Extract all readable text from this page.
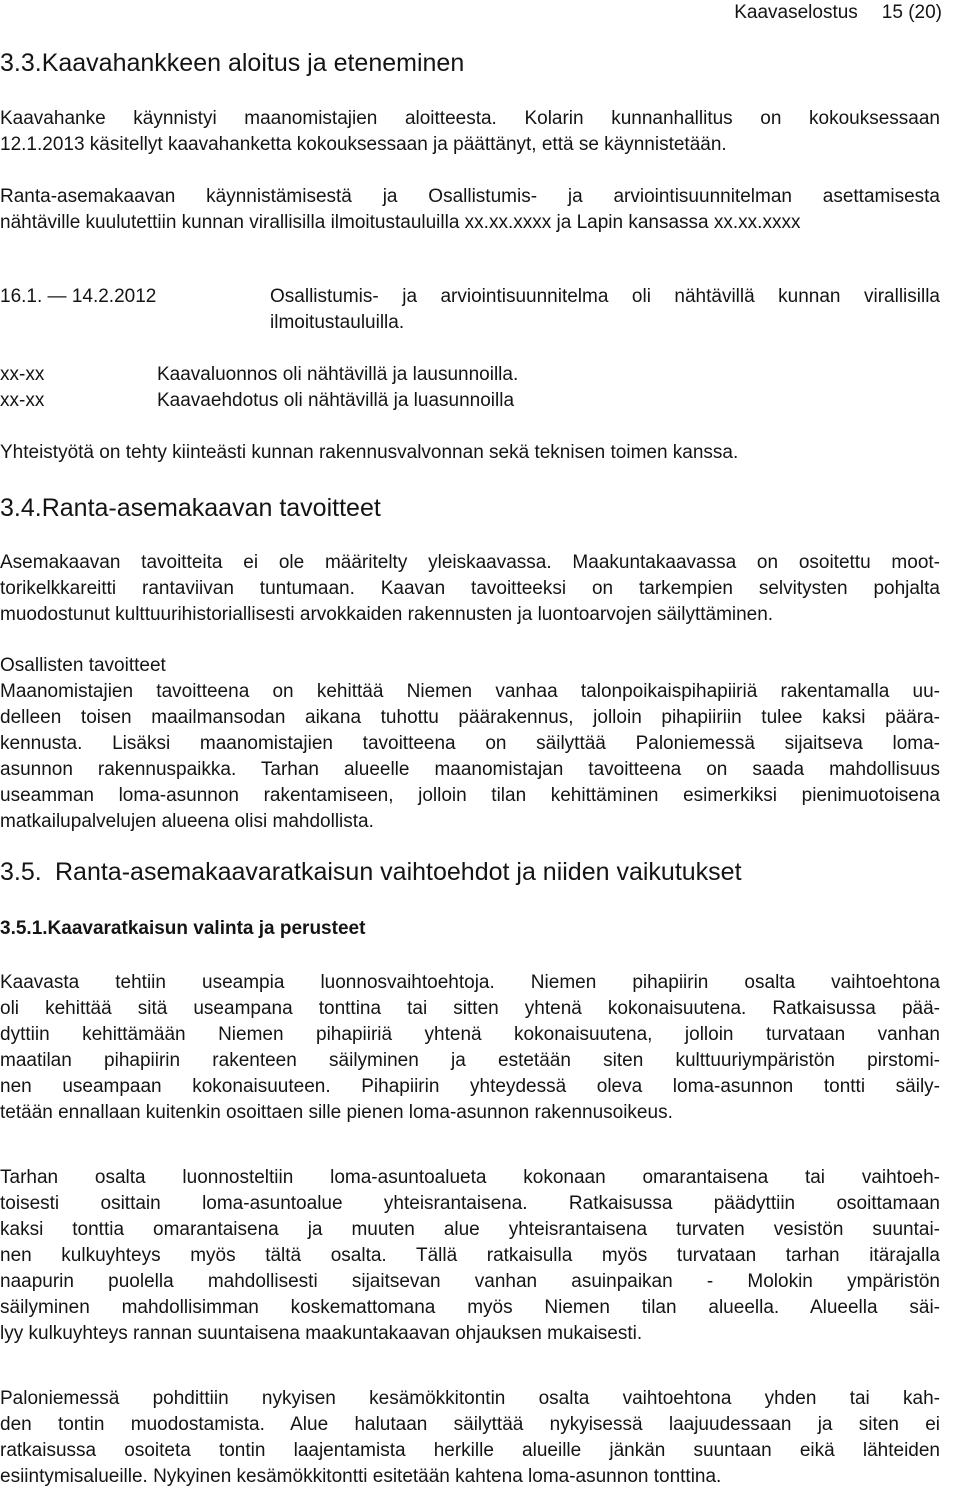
Kaavaselostus 15 (20)
3.3.Kaavahankkeen aloitus ja eteneminen
Kaavahanke käynnistyi maanomistajien aloitteesta. Kolarin kunnanhallitus on kokouksessaan
12.1.2013 käsitellyt kaavahanketta kokouksessaan ja päättänyt, että se käynnistetään.
Ranta-asemakaavan käynnistämisestä ja Osallistumis- ja arviointisuunnitelman asettamisesta
nähtäville kuulutettiin kunnan virallisilla ilmoitustauluilla xx.xx.xxxx ja Lapin kansassa xx.xx.xxxx
16.1. — 14.2.2012	Osallistumis- ja arviointisuunnitelma oli nähtävillä kunnan virallisilla
ilmoitustauluilla.
xx-xx	Kaavaluonnos oli nähtävillä ja lausunnoilla.
xx-xx	Kaavaehdotus oli nähtävillä ja luasunnoilla
Yhteistyötä on tehty kiinteästi kunnan rakennusvalvonnan sekä teknisen toimen kanssa.
3.4.Ranta-asemakaavan tavoitteet
Asemakaavan tavoitteita ei ole määritelty yleiskaavassa. Maakuntakaavassa on osoitettu moot-
torikelkkareitti rantaviivan tuntumaan. Kaavan tavoitteeksi on tarkempien selvitysten pohjalta
muodostunut kulttuurihistoriallisesti arvokkaiden rakennusten ja luontoarvojen säilyttäminen.
Osallisten tavoitteet
Maanomistajien tavoitteena on kehittää Niemen vanhaa talonpoikaispihapiiriä rakentamalla uu-
delleen toisen maailmansodan aikana tuhottu päärakennus, jolloin pihapiiriin tulee kaksi päära-
kennusta. Lisäksi maanomistajien tavoitteena on säilyttää Paloniemessä sijaitseva loma-
asunnon rakennuspaikka. Tarhan alueelle maanomistajan tavoitteena on saada mahdollisuus
useamman loma-asunnon rakentamiseen, jolloin tilan kehittäminen esimerkiksi pienimuotoisena
matkailupalvelujen alueena olisi mahdollista.
3.5. Ranta-asemakaavaratkaisun vaihtoehdot ja niiden vaikutukset
3.5.1.Kaavaratkaisun valinta ja perusteet
Kaavasta tehtiin useampia luonnosvaihtoehtoja. Niemen pihapiirin osalta vaihtoehtona
oli kehittää sitä useampana tonttina tai sitten yhtenä kokonaisuutena. Ratkaisussa pää-
dyttiin kehittämään Niemen pihapiiriä yhtenä kokonaisuutena, jolloin turvataan vanhan
maatilan pihapiirin rakenteen säilyminen ja estetään siten kulttuuriympäristön pirstomi-
nen useampaan kokonaisuuteen. Pihapiirin yhteydessä oleva loma-asunnon tontti säily-
tetään ennallaan kuitenkin osoittaen sille pienen loma-asunnon rakennusoikeus.
Tarhan osalta luonnosteltiin loma-asuntoalueta kokonaan omarantaisena tai vaihtoeh-
toisesti osittain loma-asuntoalue yhteisrantaisena. Ratkaisussa päädyttiin osoittamaan
kaksi tonttia omarantaisena ja muuten alue yhteisrantaisena turvaten vesistön suuntai-
nen kulkuyhteys myös tältä osalta. Tällä ratkaisulla myös turvataan tarhan itärajalla
naapurin puolella mahdollisesti sijaitsevan vanhan asuinpaikan - Molokin ympäristön
säilyminen mahdollisimman koskemattomana myös Niemen tilan alueella. Alueella säi-
lyy kulkuyhteys rannan suuntaisena maakuntakaavan ohjauksen mukaisesti.
Paloniemessä pohdittiin nykyisen kesämökkitontin osalta vaihtoehtona yhden tai kah-
den tontin muodostamista. Alue halutaan säilyttää nykyisessä laajuudessaan ja siten ei
ratkaisussa osoiteta tontin laajentamista herkille alueille jänkän suuntaan eikä lähteiden
esiintymisalueille. Nykyinen kesämökkitontti esitetään kahtena loma-asunnon tonttina.
